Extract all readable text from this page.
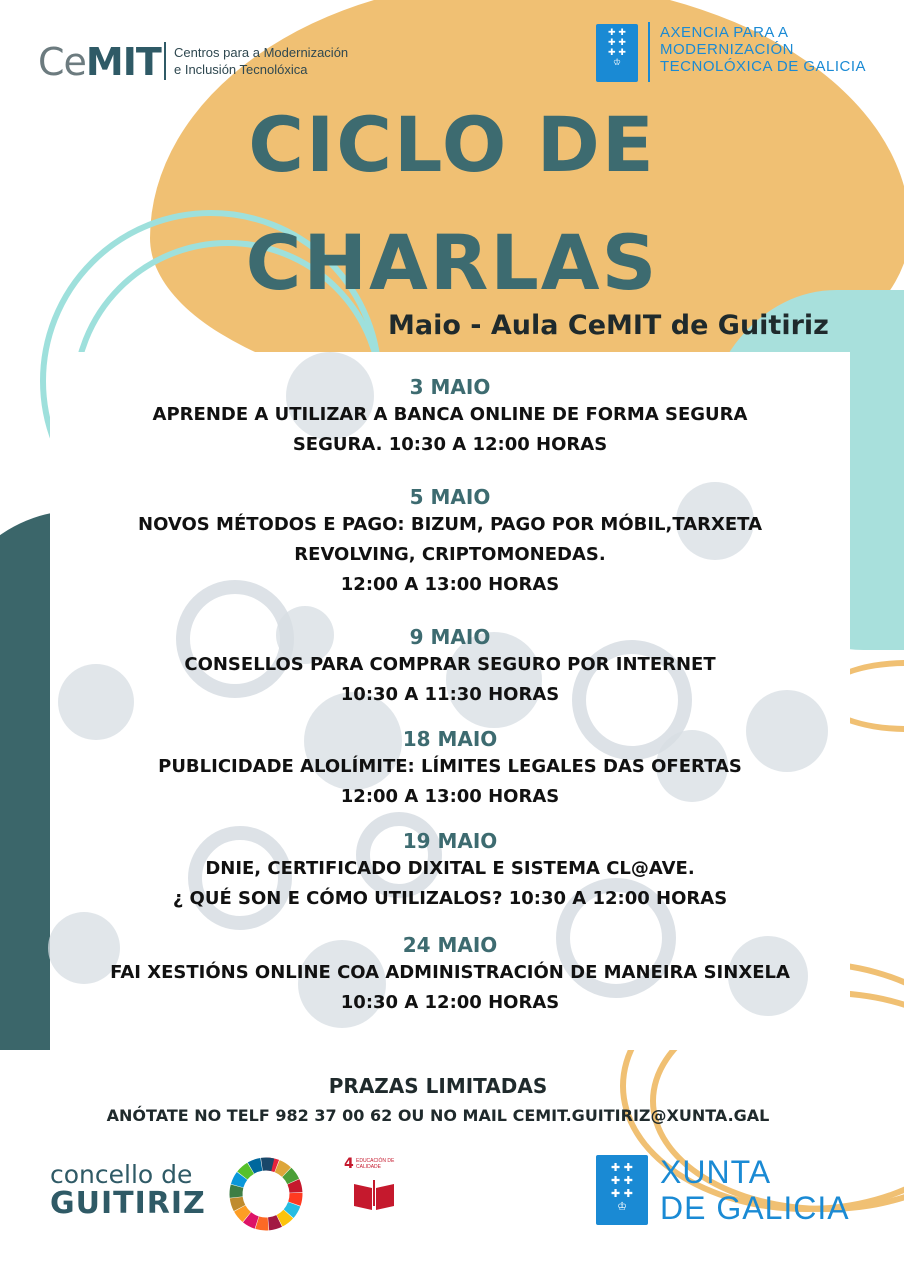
CeMIT Centros para a Modernización
e Inclusión Tecnolóxica
✚ ✚
✚ ✚
✚ ✚
♔
AXENCIA PARA A
MODERNIZACIÓN
TECNOLÓXICA DE GALICIA
CICLO DE
CHARLAS
Maio - Aula CeMIT de Guitiriz
3 MAIO
APRENDE A UTILIZAR A BANCA ONLINE DE FORMA SEGURA
SEGURA. 10:30 A 12:00 HORAS
5 MAIO
NOVOS MÉTODOS E PAGO: BIZUM, PAGO POR MÓBIL,TARXETA
REVOLVING, CRIPTOMONEDAS.
12:00 A 13:00 HORAS
9 MAIO
CONSELLOS PARA COMPRAR SEGURO POR INTERNET
10:30 A 11:30 HORAS
18 MAIO
PUBLICIDADE ALOLÍMITE: LÍMITES LEGALES DAS OFERTAS
12:00 A 13:00 HORAS
19 MAIO
DNIE, CERTIFICADO DIXITAL E SISTEMA CL@AVE.
¿ QUÉ SON E CÓMO UTILIZALOS? 10:30 A 12:00 HORAS
24 MAIO
FAI XESTIÓNS ONLINE COA ADMINISTRACIÓN DE MANEIRA SINXELA
10:30 A 12:00 HORAS
PRAZAS LIMITADAS
ANÓTATE NO TELF 982 37 00 62 OU NO MAIL CEMIT.GUITIRIZ@XUNTA.GAL
concello de
GUITIRIZ
4 EDUCACIÓN DE CALIDADE	✚ ✚
✚ ✚
✚ ✚
♔
XUNTA
DE GALICIA
